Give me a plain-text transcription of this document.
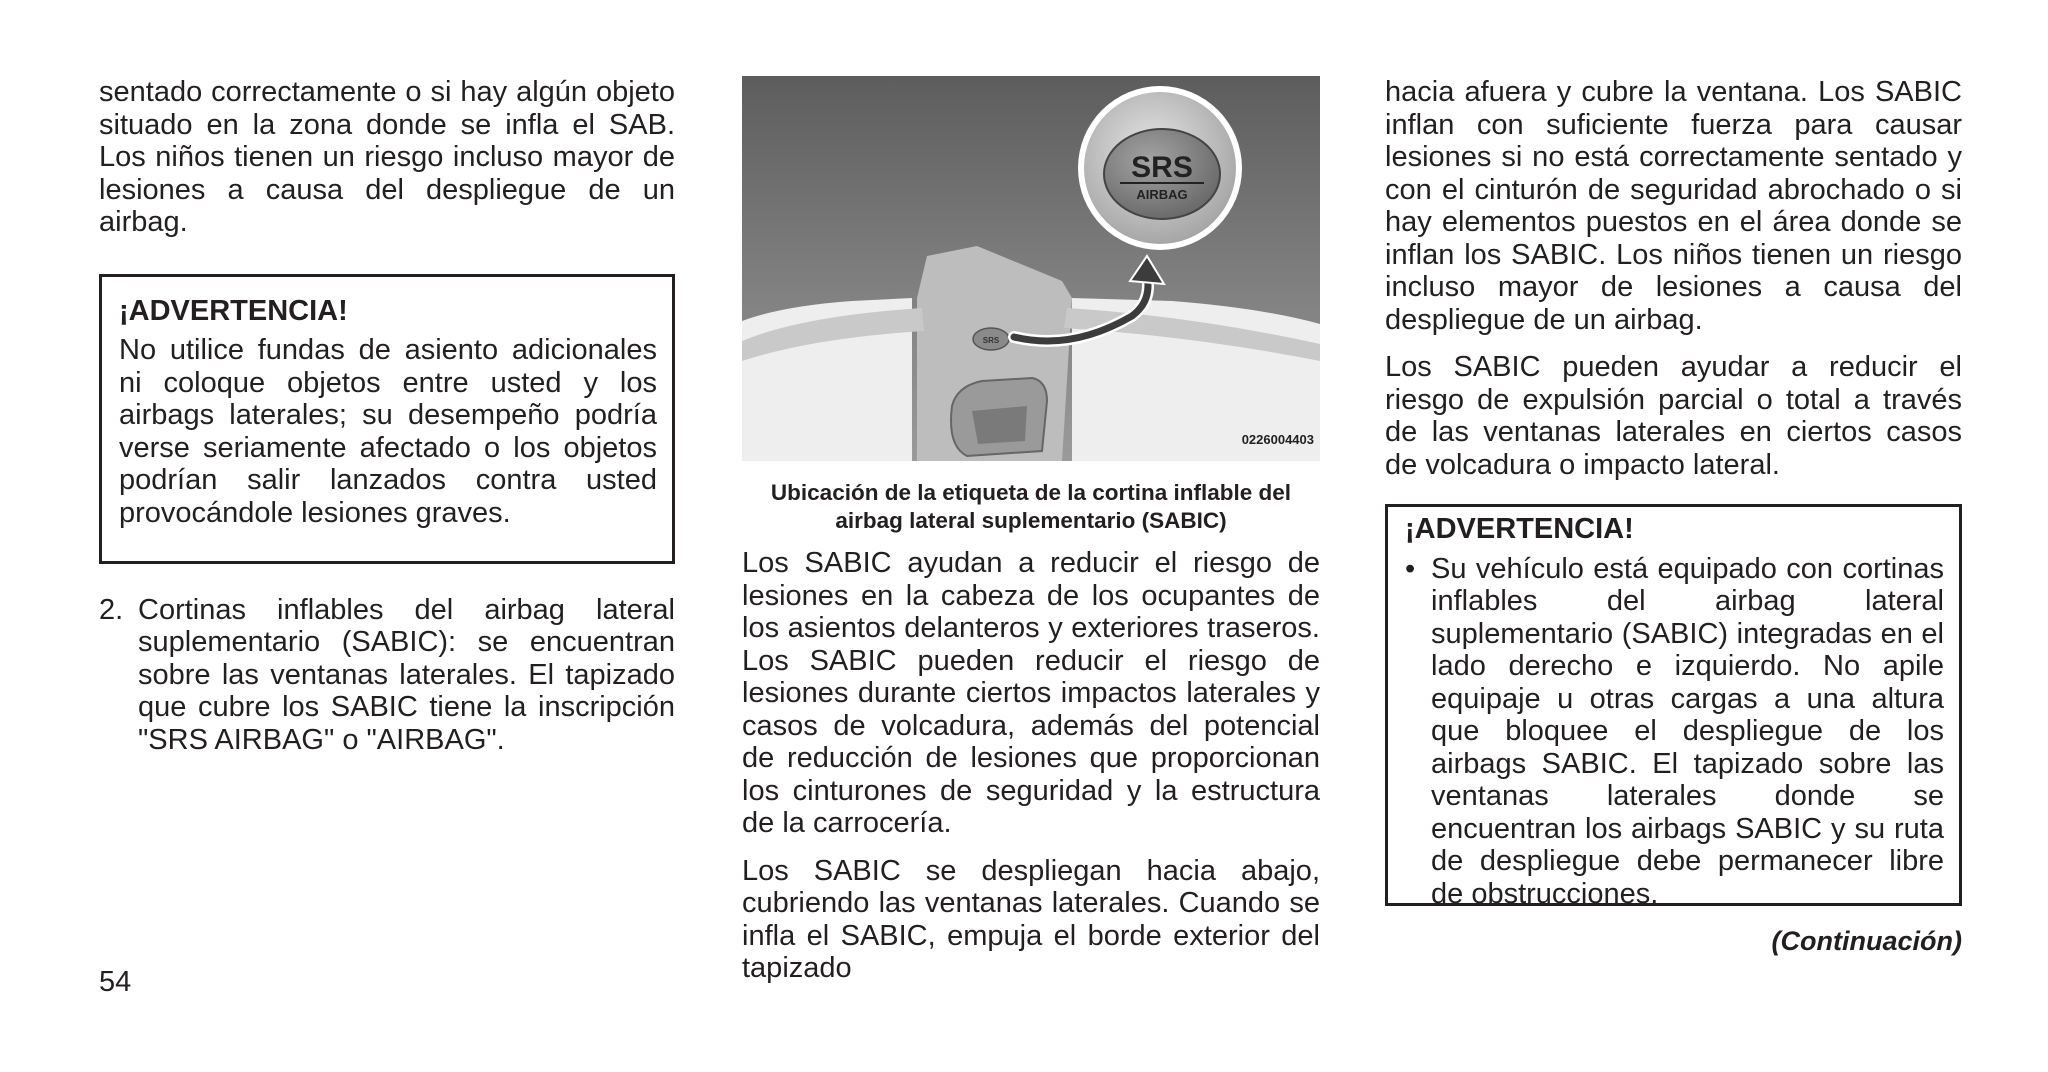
sentado correctamente o si hay algún objeto situado en la zona donde se infla el SAB. Los niños tienen un riesgo incluso mayor de lesiones a causa del despliegue de un airbag.

¡ADVERTENCIA!

No utilice fundas de asiento adicionales ni coloque objetos entre usted y los airbags laterales; su desempeño podría verse seriamente afectado o los objetos podrían salir lanzados contra usted provocándole lesiones graves.

2. Cortinas inflables del airbag lateral suplementario (SABIC): se encuentran sobre las ventanas laterales. El tapizado que cubre los SABIC tiene la inscripción "SRS AIRBAG" o "AIRBAG".

SRS
SRS
AIRBAG
0226004403

Ubicación de la etiqueta de la cortina inflable del airbag lateral suplementario (SABIC)

Los SABIC ayudan a reducir el riesgo de lesiones en la cabeza de los ocupantes de los asientos delanteros y exteriores traseros. Los SABIC pueden reducir el riesgo de lesiones durante ciertos impactos laterales y casos de volcadura, además del potencial de reducción de lesiones que proporcionan los cinturones de seguridad y la estructura de la carrocería.

Los SABIC se despliegan hacia abajo, cubriendo las ventanas laterales. Cuando se infla el SABIC, empuja el borde exterior del tapizado

hacia afuera y cubre la ventana. Los SABIC inflan con suficiente fuerza para causar lesiones si no está correctamente sentado y con el cinturón de seguridad abrochado o si hay elementos puestos en el área donde se inflan los SABIC. Los niños tienen un riesgo incluso mayor de lesiones a causa del despliegue de un airbag.

Los SABIC pueden ayudar a reducir el riesgo de expulsión parcial o total a través de las ventanas laterales en ciertos casos de volcadura o impacto lateral.

¡ADVERTENCIA!

• Su vehículo está equipado con cortinas inflables del airbag lateral suplementario (SABIC) integradas en el lado derecho e izquierdo. No apile equipaje u otras cargas a una altura que bloquee el despliegue de los airbags SABIC. El tapizado sobre las ventanas laterales donde se encuentran los airbags SABIC y su ruta de despliegue debe permanecer libre de obstrucciones.

(Continuación)
54
